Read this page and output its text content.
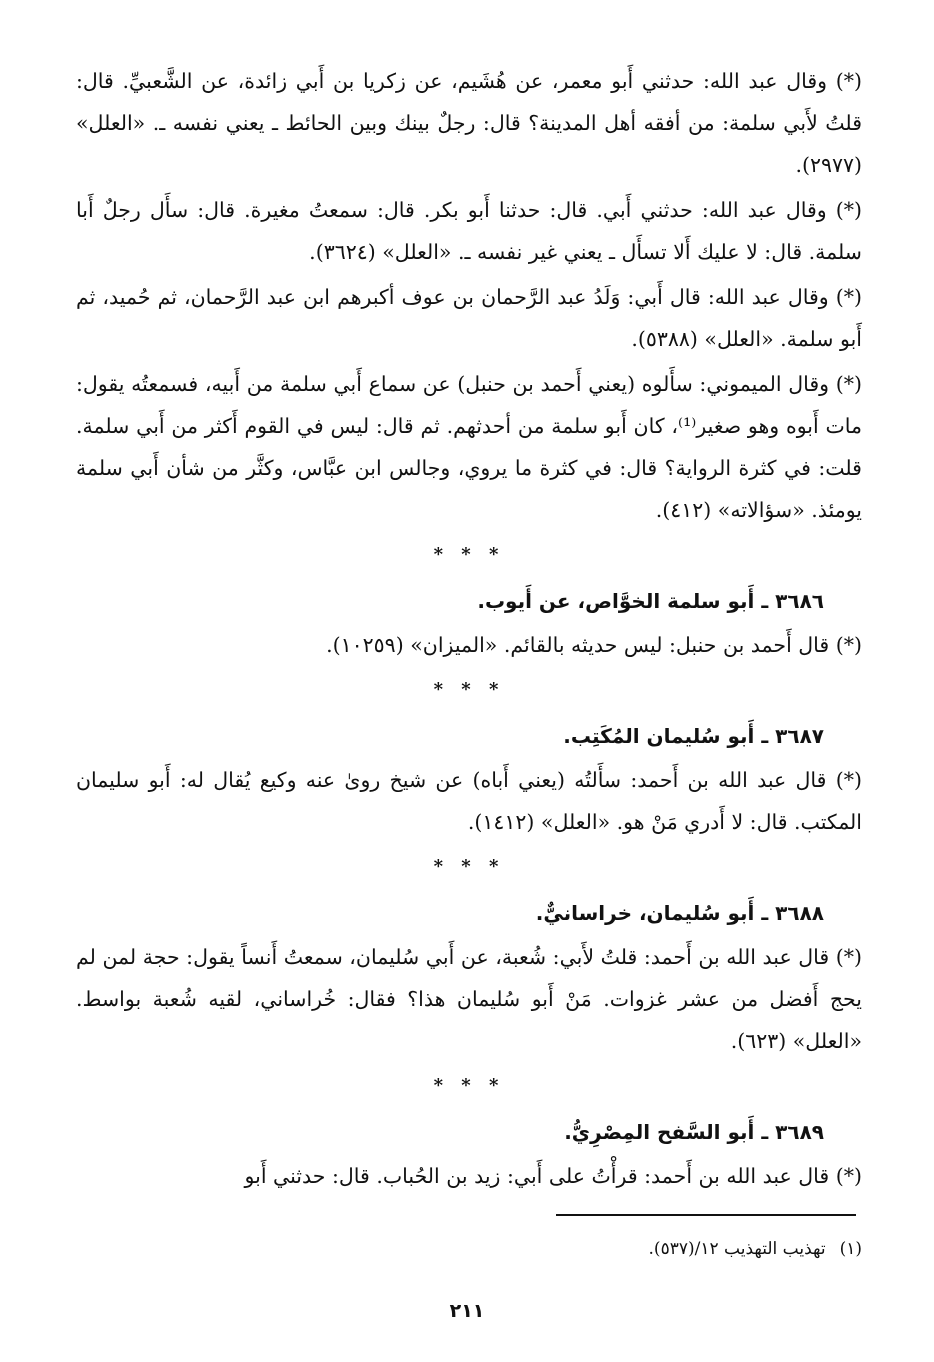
(*) وقال عبد الله: حدثني أَبو معمر، عن هُشَيم، عن زكريا بن أَبي زائدة، عن الشَّعبيِّ. قال: قلتُ لأَبي سلمة: من أفقه أهل المدينة؟ قال: رجلٌ بينك وبين الحائط ـ يعني نفسه ـ. «العلل» (٢٩٧٧).

(*) وقال عبد الله: حدثني أَبي. قال: حدثنا أَبو بكر. قال: سمعتُ مغيرة. قال: سأَل رجلٌ أَبا سلمة. قال: لا عليك أَلا تسأَل ـ يعني غير نفسه ـ. «العلل» (٣٦٢٤).

(*) وقال عبد الله: قال أَبي: وَلَدُ عبد الرَّحمان بن عوف أكبرهم ابن عبد الرَّحمان، ثم حُميد، ثم أَبو سلمة. «العلل» (٥٣٨٨).

(*) وقال الميموني: سأَلوه (يعني أَحمد بن حنبل) عن سماع أَبي سلمة من أَبيه، فسمعتُه يقول: مات أَبوه وهو صغير⁽¹⁾، كان أَبو سلمة من أحدثهم. ثم قال: ليس في القوم أَكثر من أَبي سلمة. قلت: في كثرة الرواية؟ قال: في كثرة ما يروي، وجالس ابن عبَّاس، وكثَّر من شأن أَبي سلمة يومئذ. «سؤالاته» (٤١٢).

* * *
٣٦٨٦ ـ أَبو سلمة الخوَّاص، عن أَيوب.

(*) قال أَحمد بن حنبل: ليس حديثه بالقائم. «الميزان» (١٠٢٥٩).

* * *
٣٦٨٧ ـ أَبو سُليمان المُكَتِب.

(*) قال عبد الله بن أَحمد: سأَلتُه (يعني أَباه) عن شيخ روىٰ عنه وكيع يُقال له: أَبو سليمان المكتب. قال: لا أَدري مَنْ هو. «العلل» (١٤١٢).

* * *
٣٦٨٨ ـ أَبو سُليمان، خراسانيٌّ.

(*) قال عبد الله بن أَحمد: قلتُ لأَبي: شُعبة، عن أَبي سُليمان، سمعتُ أَنساً يقول: حجة لمن لم يحج أَفضل من عشر غزوات. مَنْ أَبو سُليمان هذا؟ فقال: خُراساني، لقيه شُعبة بواسط. «العلل» (٦٢٣).

* * *
٣٦٨٩ ـ أَبو السَّفح المِصْرِيُّ.

(*) قال عبد الله بن أَحمد: قرأْتُ على أَبي: زيد بن الحُباب. قال: حدثني أَبو

(١)تهذيب التهذيب ١٢/(٥٣٧).
٢١١
